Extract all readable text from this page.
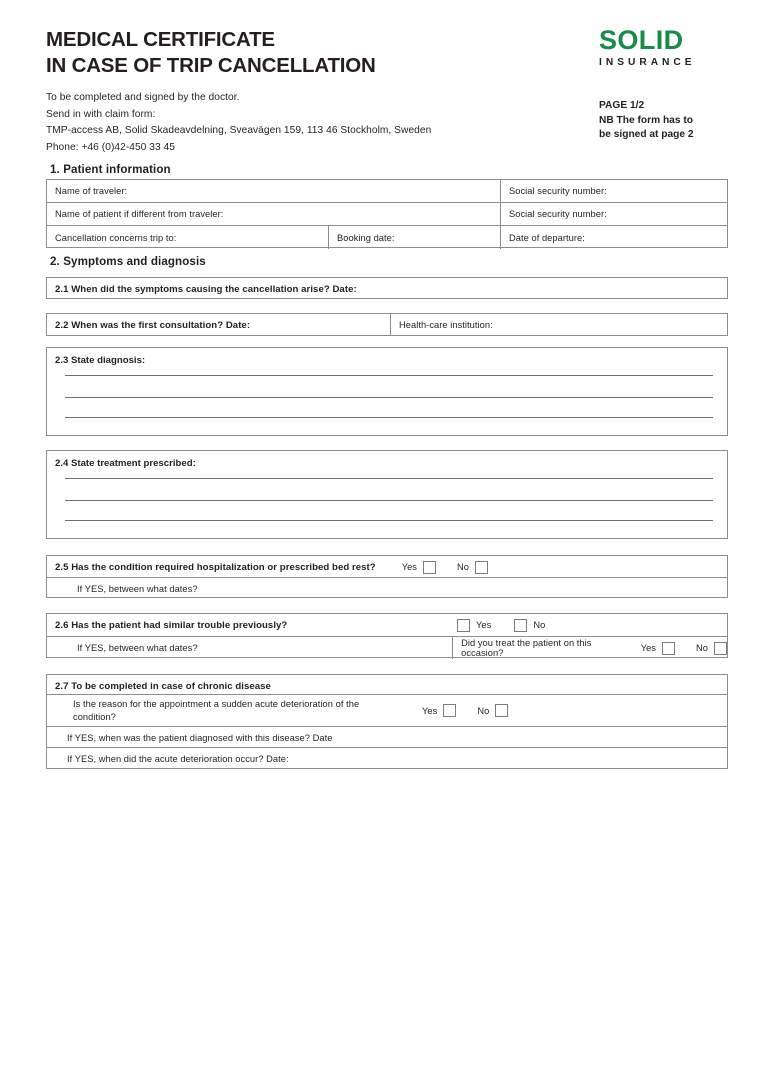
MEDICAL CERTIFICATE
IN CASE OF TRIP CANCELLATION
To be completed and signed by the doctor.
Send in with claim form:
TMP-access AB, Solid Skadeavdelning, Sveavägen 159, 113 46 Stockholm, Sweden
Phone: +46 (0)42-450 33 45
SOLID
INSURANCE
PAGE 1/2
NB The form has to
be signed at page 2
1. Patient information
Name of traveler:	Social security number:
Name of patient if different from traveler:	Social security number:
Cancellation concerns trip to:	Booking date:	Date of departure:
2. Symptoms and diagnosis
2.1 When did the symptoms causing the cancellation arise? Date:
2.2 When was the first consultation? Date:	Health-care institution:
2.3 State diagnosis:
2.4 State treatment prescribed:
2.5 Has the condition required hospitalization or prescribed bed rest?	Yes	No
If YES, between what dates?
2.6 Has the patient had similar trouble previously?	Yes	No
If YES, between what dates?	Did you treat the patient on this occasion?	Yes	No
2.7 To be completed in case of chronic disease
Is the reason for the appointment a sudden acute deterioration of the condition?
Yes	No
If YES, when was the patient diagnosed with this disease? Date
If YES, when did the acute deterioration occur? Date:
